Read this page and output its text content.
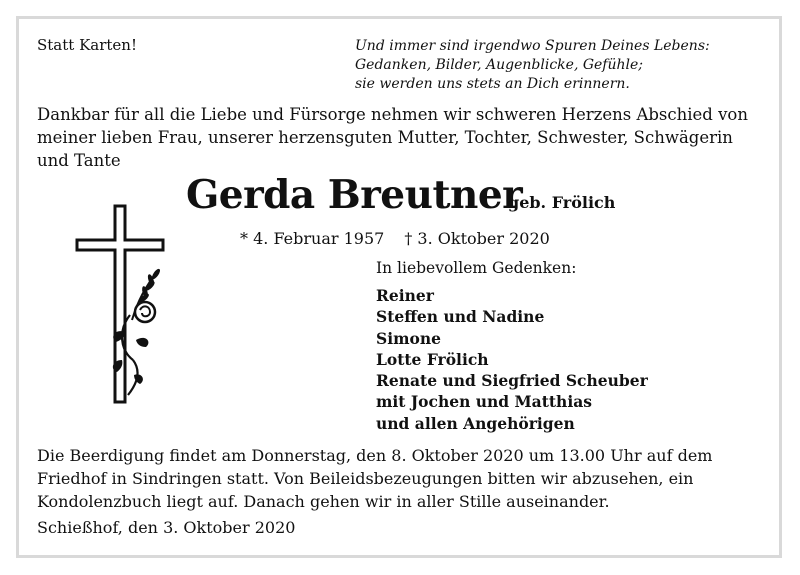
Statt Karten!	Und immer sind irgendwo Spuren Deines Lebens:
Gedanken, Bilder, Augenblicke, Gefühle;
sie werden uns stets an Dich erinnern.
Dankbar für all die Liebe und Fürsorge nehmen wir schweren Herzens Abschied von
meiner lieben Frau, unserer herzensguten Mutter, Tochter, Schwester, Schwägerin
und Tante
Gerda Breutner
geb. Frölich
* 4. Februar 1957 † 3. Oktober 2020
In liebevollem Gedenken:
Reiner
Steffen und Nadine
Simone
Lotte Frölich
Renate und Siegfried Scheuber
mit Jochen und Matthias
und allen Angehörigen
Die Beerdigung findet am Donnerstag, den 8. Oktober 2020 um 13.00 Uhr auf dem
Friedhof in Sindringen statt. Von Beileidsbezeugungen bitten wir abzusehen, ein
Kondolenzbuch liegt auf. Danach gehen wir in aller Stille auseinander.
Schießhof, den 3. Oktober 2020
